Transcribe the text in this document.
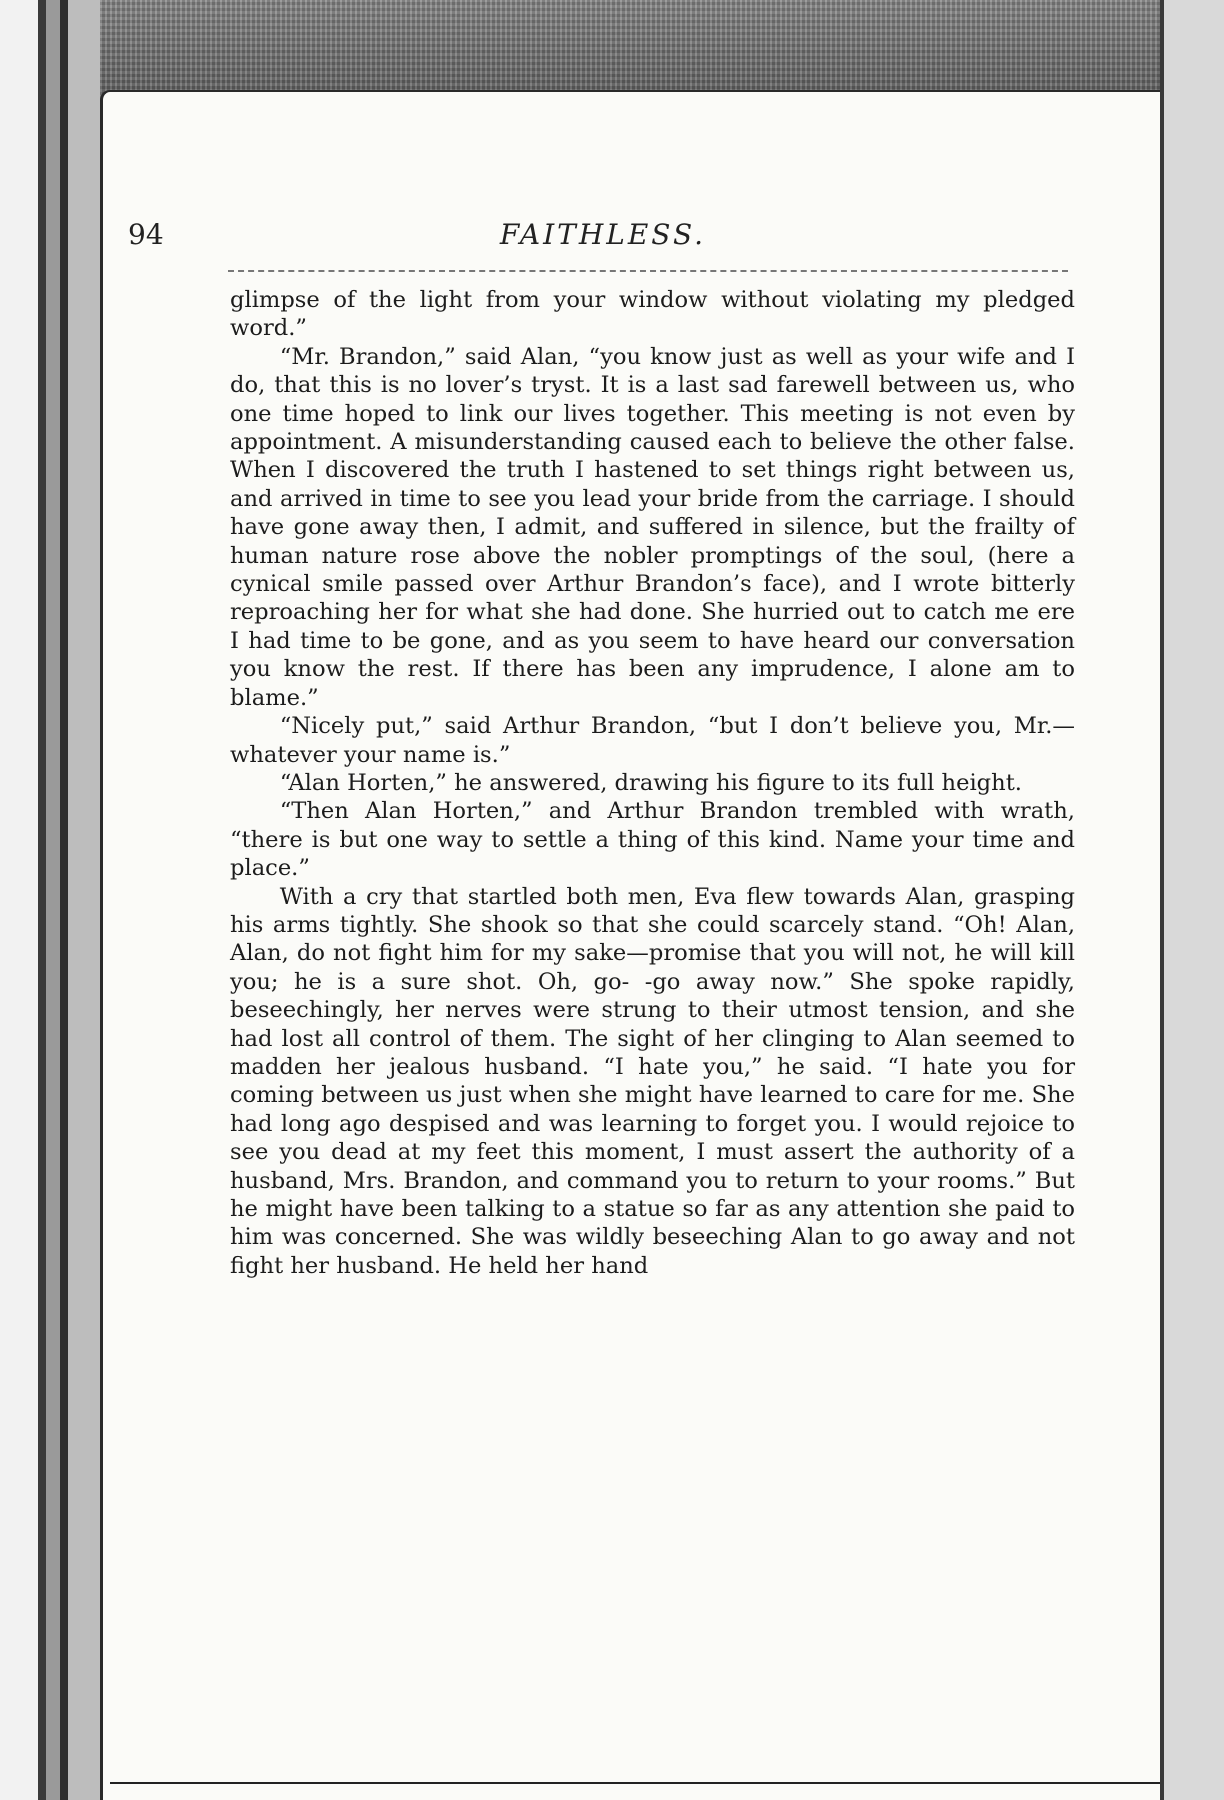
94	FAITHLESS.

glimpse of the light from your window without violating my pledged word.”

“Mr. Brandon,” said Alan, “you know just as well as your wife and I do, that this is no lover’s tryst. It is a last sad farewell between us, who one time hoped to link our lives together. This meeting is not even by appointment. A misunderstanding caused each to believe the other false. When I discovered the truth I hastened to set things right between us, and arrived in time to see you lead your bride from the carriage. I should have gone away then, I admit, and suffered in silence, but the frailty of human nature rose above the nobler promptings of the soul, (here a cynical smile passed over Arthur Brandon’s face), and I wrote bitterly reproaching her for what she had done. She hurried out to catch me ere I had time to be gone, and as you seem to have heard our conversation you know the rest. If there has been any imprudence, I alone am to blame.”

“Nicely put,” said Arthur Brandon, “but I don’t believe you, Mr.—whatever your name is.”

“Alan Horten,” he answered, drawing his figure to its full height.

“Then Alan Horten,” and Arthur Brandon trembled with wrath, “there is but one way to settle a thing of this kind. Name your time and place.”

With a cry that startled both men, Eva flew towards Alan, grasping his arms tightly. She shook so that she could scarcely stand. “Oh! Alan, Alan, do not fight him for my sake—promise that you will not, he will kill you; he is a sure shot. Oh, go- -go away now.” She spoke rapidly, beseechingly, her nerves were strung to their utmost tension, and she had lost all control of them. The sight of her clinging to Alan seemed to madden her jealous husband. “I hate you,” he said. “I hate you for coming between us just when she might have learned to care for me. She had long ago despised and was learning to forget you. I would rejoice to see you dead at my feet this moment, I must assert the authority of a husband, Mrs. Brandon, and command you to return to your rooms.” But he might have been talking to a statue so far as any attention she paid to him was concerned. She was wildly beseeching Alan to go away and not fight her husband. He held her hand
